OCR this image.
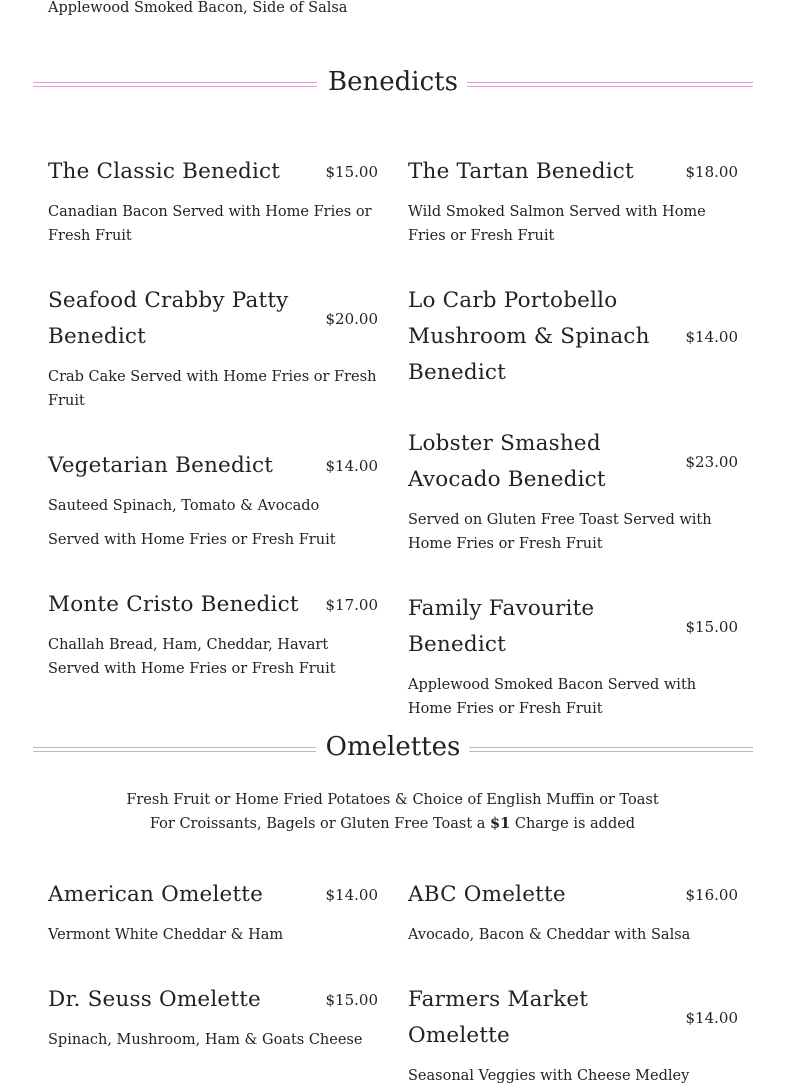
Applewood Smoked Bacon, Side of Salsa
Benedicts
Omelettes
Fresh Fruit or Home Fried Potatoes & Choice of English Muffin or Toast
For Croissants, Bagels or Gluten Free Toast a $1 Charge is added
The Classic Benedict	$15.00
Canadian Bacon Served with Home Fries or Fresh Fruit
The Tartan Benedict	$18.00
Wild Smoked Salmon Served with Home Fries or Fresh Fruit
Seafood Crabby Patty Benedict
$20.00
Crab Cake Served with Home Fries or Fresh Fruit
Lo Carb Portobello Mushroom & Spinach Benedict
$14.00
Vegetarian Benedict	$14.00
Sauteed Spinach, Tomato & Avocado
Served with Home Fries or Fresh Fruit
Lobster Smashed Avocado Benedict
$23.00
Served on Gluten Free Toast Served with Home Fries or Fresh Fruit
Monte Cristo Benedict	$17.00
Challah Bread, Ham, Cheddar, Havart Served with Home Fries or Fresh Fruit
Family Favourite Benedict
$15.00
Applewood Smoked Bacon Served with Home Fries or Fresh Fruit
American Omelette	$14.00
Vermont White Cheddar & Ham
ABC Omelette	$16.00
Avocado, Bacon & Cheddar with Salsa
Dr. Seuss Omelette	$15.00
Spinach, Mushroom, Ham & Goats Cheese
Farmers Market Omelette
$14.00
Seasonal Veggies with Cheese Medley
